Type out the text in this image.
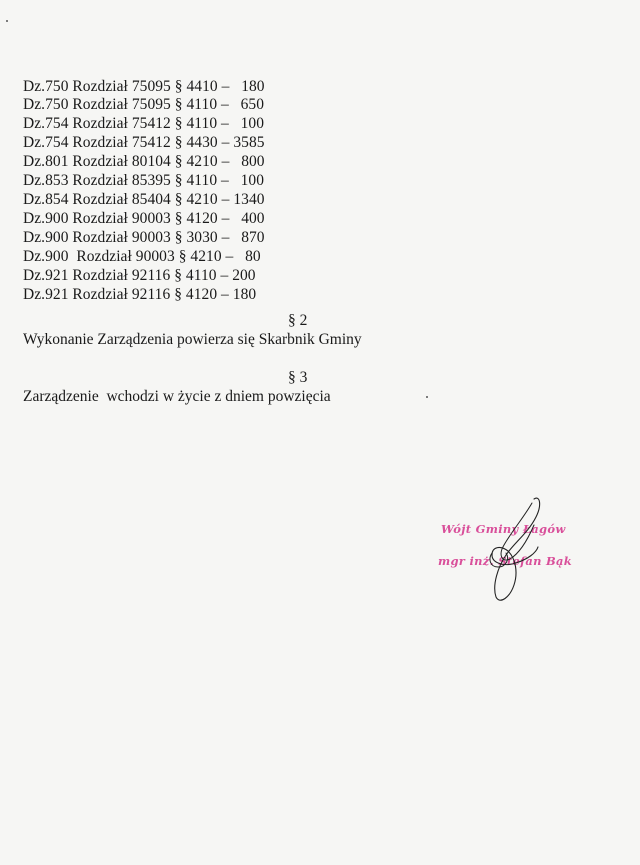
Dz.750 Rozdział 75095 § 4410 –   180
Dz.750 Rozdział 75095 § 4110 –   650
Dz.754 Rozdział 75412 § 4110 –   100
Dz.754 Rozdział 75412 § 4430 – 3585
Dz.801 Rozdział 80104 § 4210 –   800
Dz.853 Rozdział 85395 § 4110 –   100
Dz.854 Rozdział 85404 § 4210 – 1340
Dz.900 Rozdział 90003 § 4120 –   400
Dz.900 Rozdział 90003 § 3030 –   870
Dz.900  Rozdział 90003 § 4210 –   80
Dz.921 Rozdział 92116 § 4110 – 200
Dz.921 Rozdział 92116 § 4120 – 180
§ 2
Wykonanie Zarządzenia powierza się Skarbnik Gminy
§ 3
Zarządzenie  wchodzi w życie z dniem powzięcia
Wójt Gminy Łagów
mgr inż. Stefan Bąk
